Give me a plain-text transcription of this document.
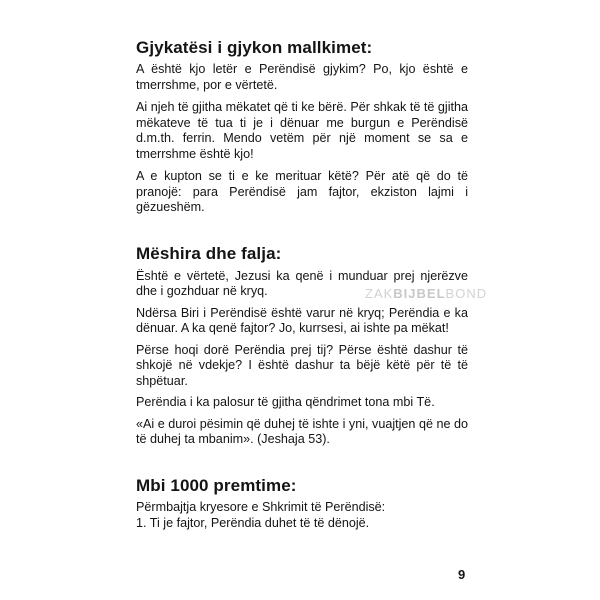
Gjykatësi i gjykon mallkimet:

A është kjo letër e Perëndisë gjykim? Po, kjo është e tmerrshme, por e vërtetë.

Ai njeh të gjitha mëkatet që ti ke bërë. Për shkak të të gjitha mëkateve të tua ti je i dënuar me burgun e Perëndisë d.m.th. ferrin. Mendo vetëm për një moment se sa e tmerrshme është kjo!

A e kupton se ti e ke merituar këtë? Për atë që do të pranojë: para Perëndisë jam fajtor, ekziston lajmi i gëzueshëm.

Mëshira dhe falja:

Është e vërtetë, Jezusi ka qenë i munduar prej njerëzve dhe i gozhduar në kryq.

Ndërsa Biri i Perëndisë është varur në kryq; Perëndia e ka dënuar. A ka qenë fajtor? Jo, kurrsesi, ai ishte pa mëkat!

Përse hoqi dorë Perëndia prej tij? Përse është dashur të shkojë në vdekje? I është dashur ta bëjë këtë për të të shpëtuar.

Perëndia i ka palosur të gjitha qëndrimet tona mbi Të.

«Ai e duroi pësimin që duhej të ishte i yni, vuajtjen që ne do të duhej ta mbanim». (Jeshaja 53).

Mbi 1000 premtime:

Përmbajtja kryesore e Shkrimit të Perëndisë:

1. Ti je fajtor, Perëndia duhet të të dënojë.

ZAKBIJBELBOND
9
